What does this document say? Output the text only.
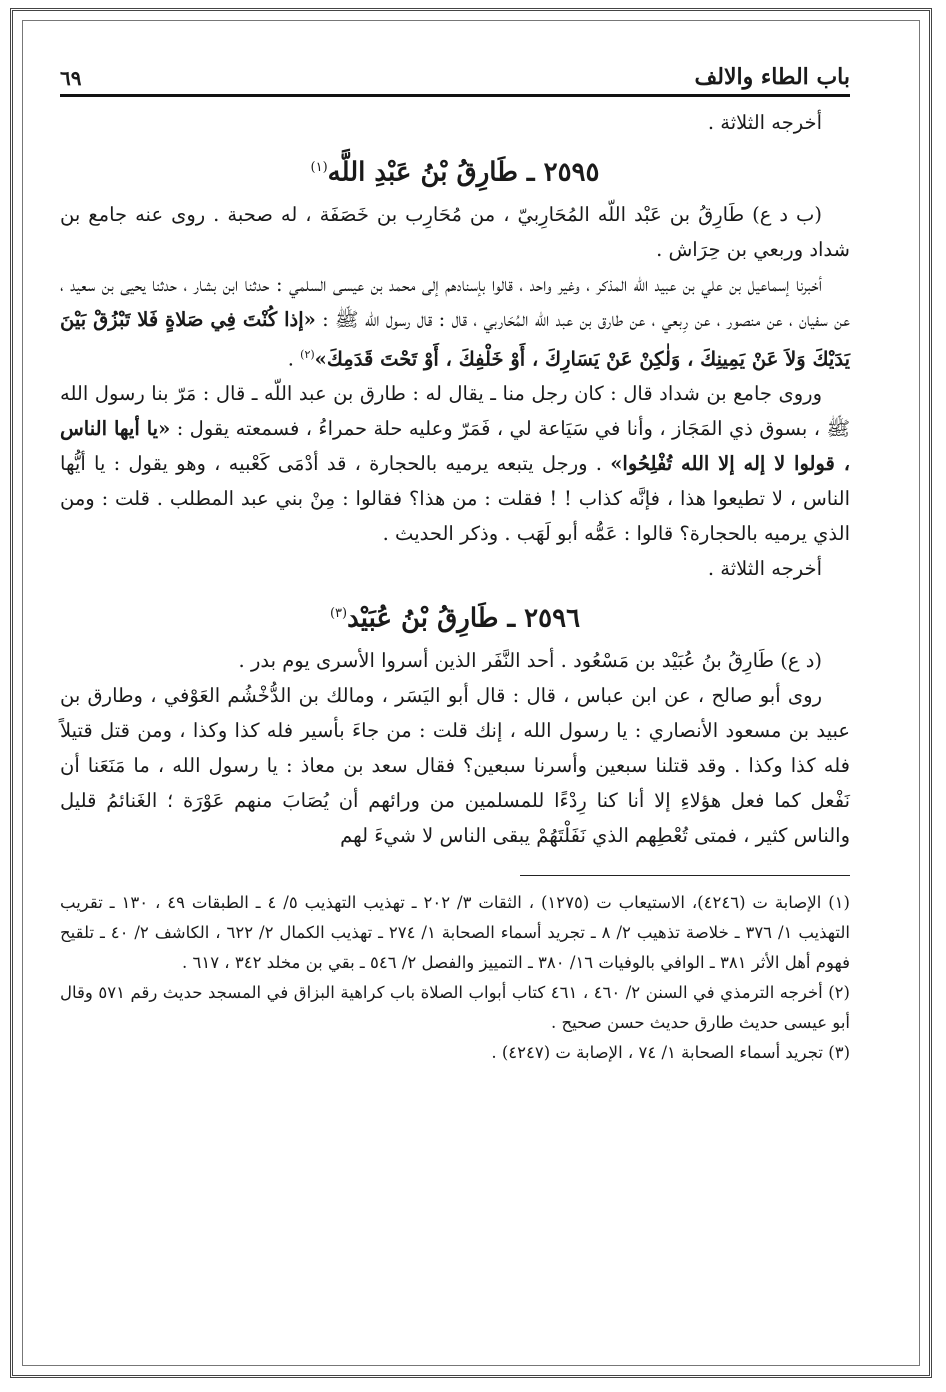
باب الطاء والالف
٦٩

أخرجه الثلاثة .

٢٥٩٥ ـ طَارِقُ بْنُ عَبْدِ اللَّه$^{(١)}$

(ب د ع) طَارِقُ بن عَبْد اللّه المُحَارِبيّ ، من مُحَارِب بن خَصَفَة ، له صحبة . روى عنه جامع بن شداد وربعي بن حِرَاش .

أخبرنا إسماعيل بن علي بن عبيد اللّه المذكر ، وغير واحد ، قالوا بإسنادهم إلى محمد بن عيسى السلمي : حدثنا ابن بشار ، حدثنا يحيى بن سعيد ، عن سفيان ، عن منصور ، عن رِبعي ، عن طارق بن عبد اللّه المُحَاربي ، قال : قال رسول الله ﷺ : «إذا كُنْتَ فِي صَلاةٍ فَلا تَبْزُقْ بَيْنَ يَدَيْكَ وَلاَ عَنْ يَمِينِكَ ، وَلٰكِنْ عَنْ يَسَارِكَ ، أَوْ خَلْفِكَ ، أَوْ تَحْتَ قَدَمِكَ»$^{(٢)}$ .

وروى جامع بن شداد قال : كان رجل منا ـ يقال له : طارق بن عبد اللّه ـ قال : مَرّ بنا رسول الله ﷺ ، بسوق ذي المَجَاز ، وأنا في سَيَاعة لي ، فَمَرّ وعليه حلة حمراءُ ، فسمعته يقول : «يا أيها الناس ، قولوا لا إله إلا الله تُفْلِحُوا» . ورجل يتبعه يرميه بالحجارة ، قد أدْمَى كَعْبيه ، وهو يقول : يا أيُّها الناس ، لا تطيعوا هذا ، فإنَّه كذاب ! ! فقلت : من هذا؟ فقالوا : مِنْ بني عبد المطلب . قلت : ومن الذي يرميه بالحجارة؟ قالوا : عَمُّه أبو لَهَب . وذكر الحديث .

أخرجه الثلاثة .

٢٥٩٦ ـ طَارِقُ بْنُ عُبَيْد$^{(٣)}$

(د ع) طَارِقُ بنُ عُبَيْد بن مَسْعُود . أحد النَّفَر الذين أسروا الأسرى يوم بدر .

روى أبو صالح ، عن ابن عباس ، قال : قال أبو اليَسَر ، ومالك بن الدُّخْشُم العَوْفي ، وطارق بن عبيد بن مسعود الأنصاري : يا رسول الله ، إنك قلت : من جاءَ بأسير فله كذا وكذا ، ومن قتل قتيلاً فله كذا وكذا . وقد قتلنا سبعين وأسرنا سبعين؟ فقال سعد بن معاذ : يا رسول الله ، ما مَنَعَنا أن نَفْعل كما فعل هؤلاءِ إلا أنا كنا رِدْءًا للمسلمين من ورائهم أن يُصَابَ منهم عَوْرَة ؛ الغَنائمُ قليل والناس كثير ، فمتى تُعْطِهم الذي نَفَلْتَهُمْ يبقى الناس لا شيءَ لهم

(١) الإصابة ت (٤٢٤٦)، الاستيعاب ت (١٢٧٥) ، الثقات ٣/ ٢٠٢ ـ تهذيب التهذيب ٥/ ٤ ـ الطبقات ٤٩ ، ١٣٠ ـ تقريب التهذيب ١/ ٣٧٦ ـ خلاصة تذهيب ٢/ ٨ ـ تجريد أسماء الصحابة ١/ ٢٧٤ ـ تهذيب الكمال ٢/ ٦٢٢ ، الكاشف ٢/ ٤٠ ـ تلقيح فهوم أهل الأثر ٣٨١ ـ الوافي بالوفيات ١٦/ ٣٨٠ ـ التمييز والفصل ٢/ ٥٤٦ ـ بقي بن مخلد ٣٤٢ ، ٦١٧ .

(٢) أخرجه الترمذي في السنن ٢/ ٤٦٠ ، ٤٦١ كتاب أبواب الصلاة باب كراهية البزاق في المسجد حديث رقم ٥٧١ وقال أبو عيسى حديث طارق حديث حسن صحيح .

(٣) تجريد أسماء الصحابة ١/ ٧٤ ، الإصابة ت (٤٢٤٧) .
